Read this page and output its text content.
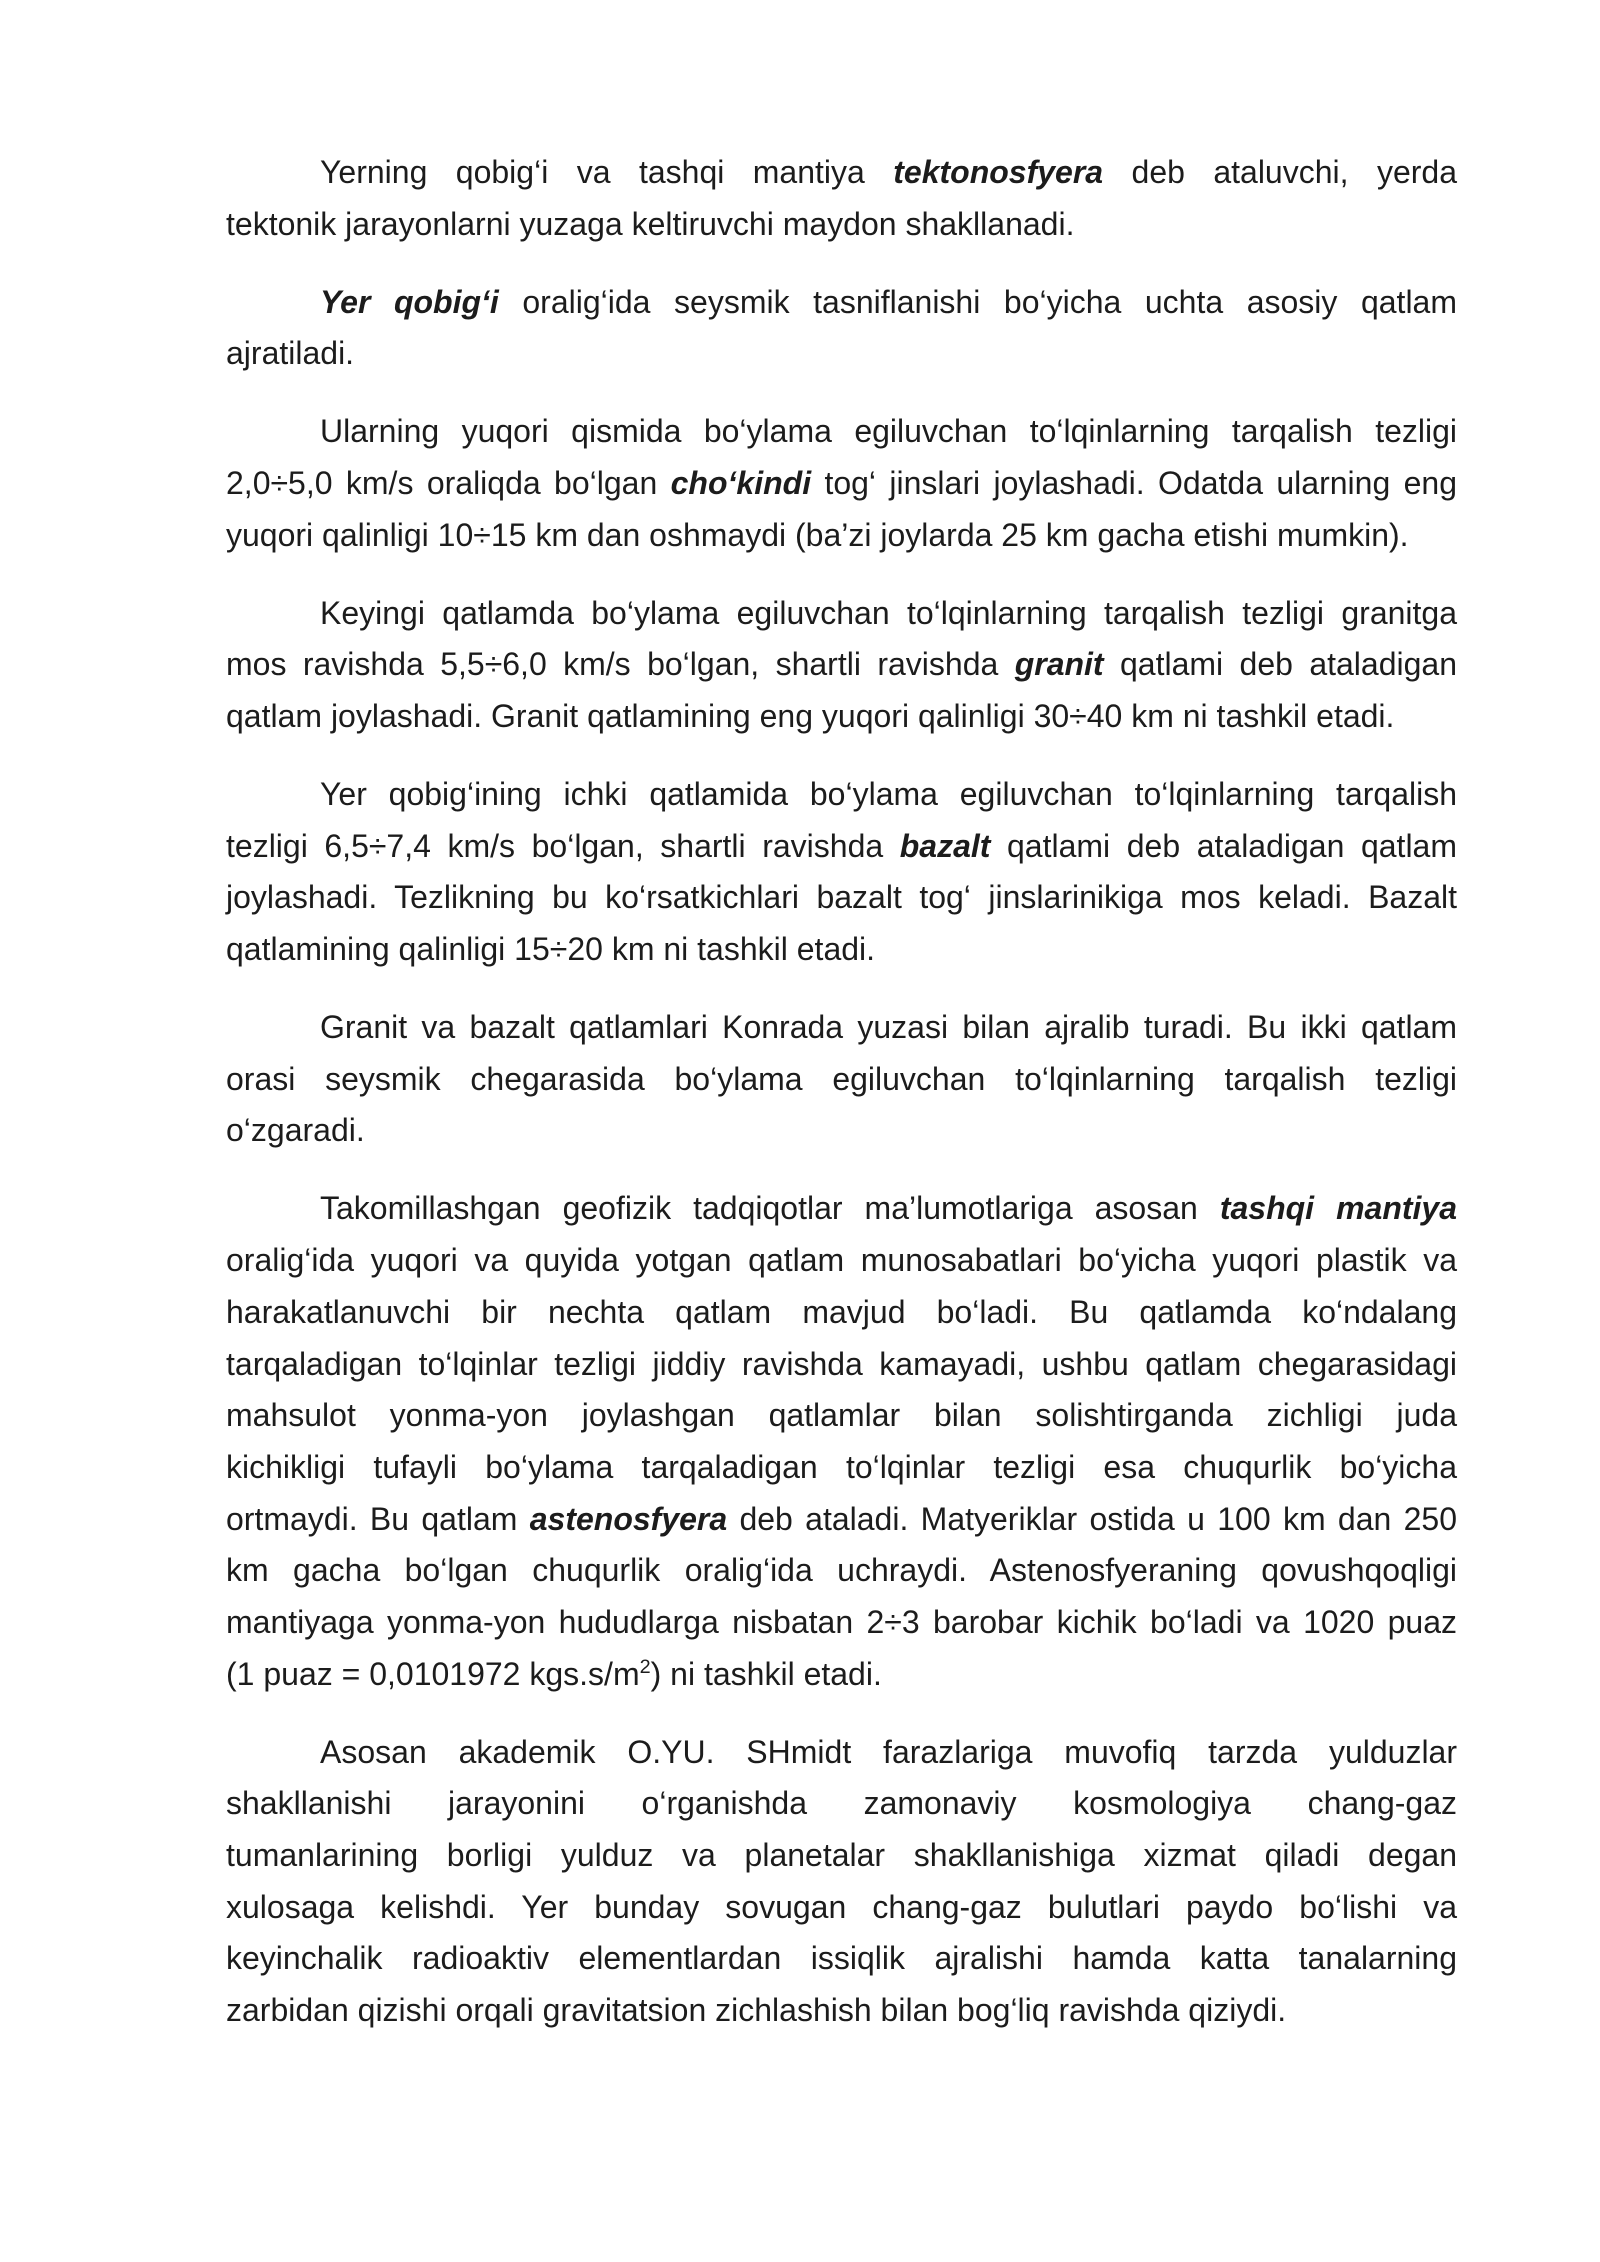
Yerning qobig‘i va tashqi mantiya tektonosfyera deb ataluvchi, yerda
tektonik jarayonlarni yuzaga keltiruvchi maydon shakllanadi.
Yer qobig‘i oralig‘ida seysmik tasniflanishi bo‘yicha uchta asosiy qatlam
ajratiladi.
Ularning yuqori qismida bo‘ylama egiluvchan to‘lqinlarning tarqalish tezligi
2,0÷5,0 km/s oraliqda bo‘lgan cho‘kindi tog‘ jinslari joylashadi. Odatda ularning eng
yuqori qalinligi 10÷15 km dan oshmaydi (ba’zi joylarda 25 km gacha etishi mumkin).
Keyingi qatlamda bo‘ylama egiluvchan to‘lqinlarning tarqalish tezligi granitga
mos ravishda 5,5÷6,0 km/s bo‘lgan, shartli ravishda granit qatlami deb ataladigan
qatlam joylashadi. Granit qatlamining eng yuqori qalinligi 30÷40 km ni tashkil etadi.
Yer qobig‘ining ichki qatlamida bo‘ylama egiluvchan to‘lqinlarning tarqalish
tezligi 6,5÷7,4 km/s bo‘lgan, shartli ravishda bazalt qatlami deb ataladigan qatlam
joylashadi. Tezlikning bu ko‘rsatkichlari bazalt tog‘ jinslarinikiga mos keladi. Bazalt
qatlamining qalinligi 15÷20 km ni tashkil etadi.
Granit va bazalt qatlamlari Konrada yuzasi bilan ajralib turadi. Bu ikki qatlam
orasi seysmik chegarasida bo‘ylama egiluvchan to‘lqinlarning tarqalish tezligi
o‘zgaradi.
Takomillashgan geofizik tadqiqotlar ma’lumotlariga asosan tashqi mantiya
oralig‘ida yuqori va quyida yotgan qatlam munosabatlari bo‘yicha yuqori plastik va
harakatlanuvchi bir nechta qatlam mavjud bo‘ladi. Bu qatlamda ko‘ndalang
tarqaladigan to‘lqinlar tezligi jiddiy ravishda kamayadi, ushbu qatlam chegarasidagi
mahsulot yonma-yon joylashgan qatlamlar bilan solishtirganda zichligi juda
kichikligi tufayli bo‘ylama tarqaladigan to‘lqinlar tezligi esa chuqurlik bo‘yicha
ortmaydi. Bu qatlam astenosfyera deb ataladi. Matyeriklar ostida u 100 km dan 250
km gacha bo‘lgan chuqurlik oralig‘ida uchraydi. Astenosfyeraning qovushqoqligi
mantiyaga yonma-yon hududlarga nisbatan 2÷3 barobar kichik bo‘ladi va 1020 puaz
(1 puaz = 0,0101972 $kgs.s/m^2$) ni tashkil etadi.
Asosan akademik O.YU. SHmidt farazlariga muvofiq tarzda yulduzlar
shakllanishi jarayonini o‘rganishda zamonaviy kosmologiya chang-gaz
tumanlarining borligi yulduz va planetalar shakllanishiga xizmat qiladi degan
xulosaga kelishdi. Yer bunday sovugan chang-gaz bulutlari paydo bo‘lishi va
keyinchalik radioaktiv elementlardan issiqlik ajralishi hamda katta tanalarning
zarbidan qizishi orqali gravitatsion zichlashish bilan bog‘liq ravishda qiziydi.
